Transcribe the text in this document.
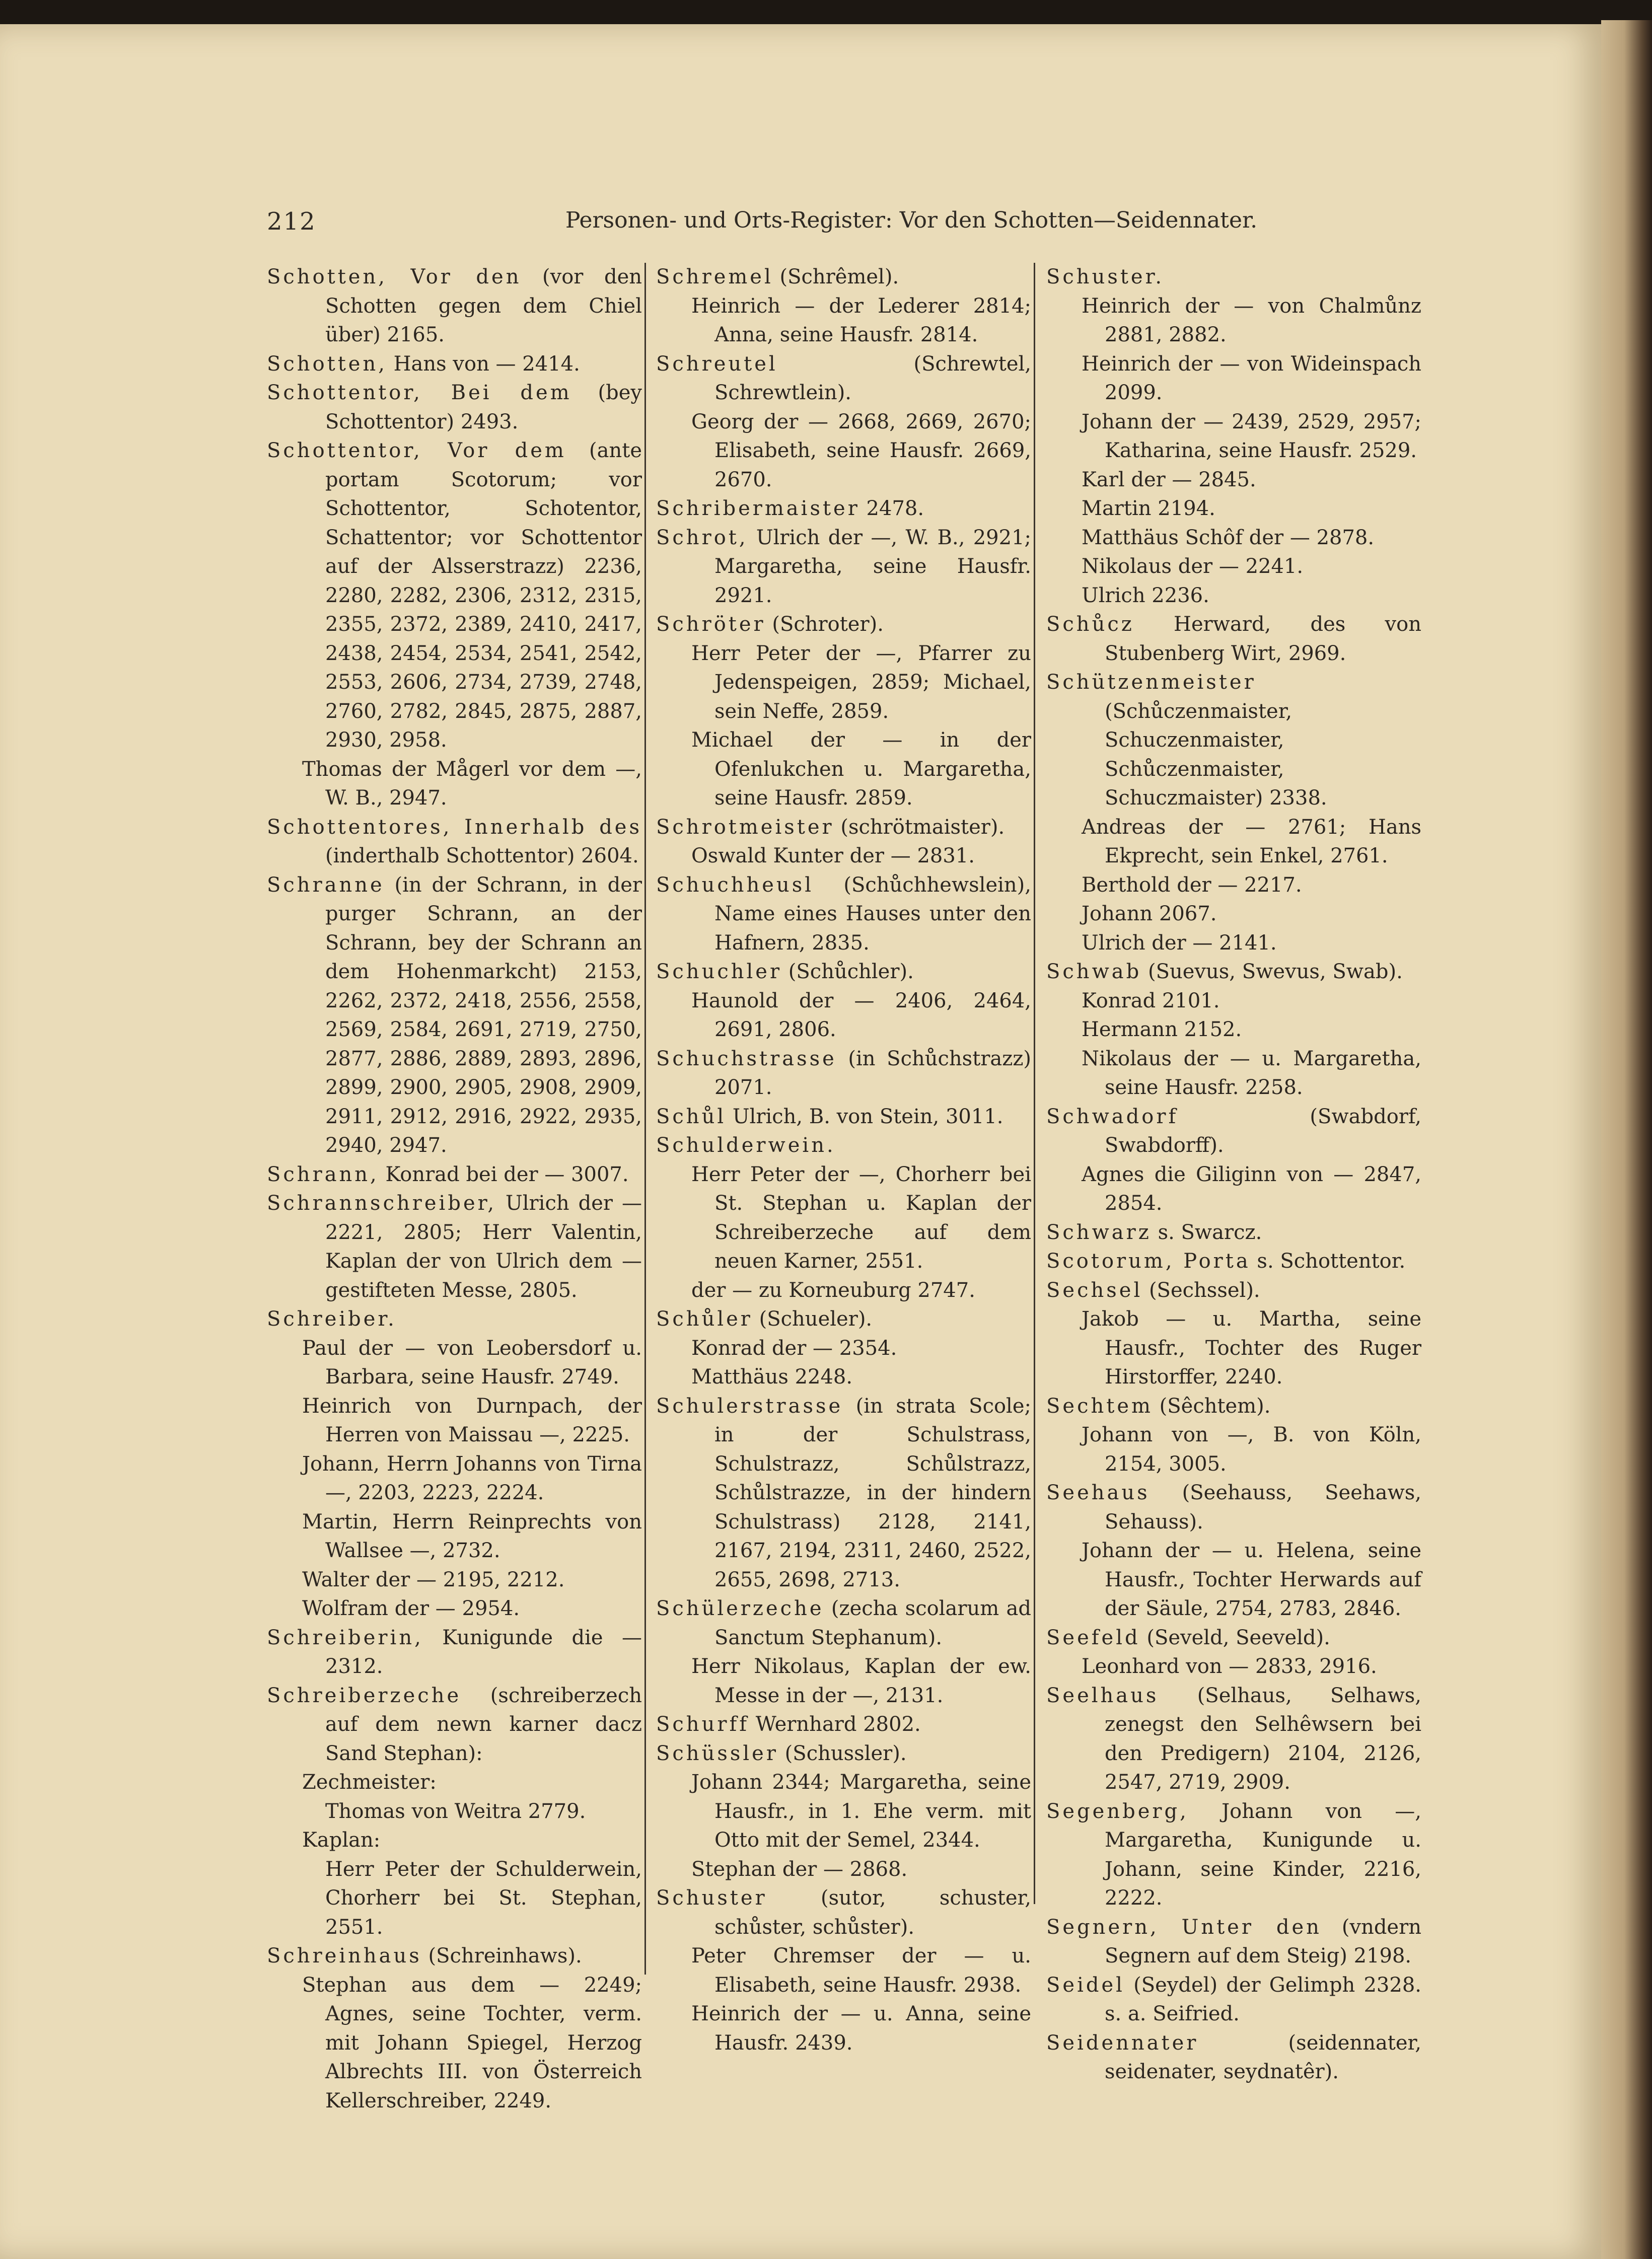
212	Personen- und Orts-Register: Vor den Schotten—Seidennater.
Schotten, Vor den (vor den Schotten gegen dem Chiel über) 2165.
Schotten, Hans von — 2414.
Schottentor, Bei dem (bey Schottentor) 2493.
Schottentor, Vor dem (ante portam Scotorum; vor Schottentor, Schotentor, Schattentor; vor Schottentor auf der Alsserstrazz) 2236, 2280, 2282, 2306, 2312, 2315, 2355, 2372, 2389, 2410, 2417, 2438, 2454, 2534, 2541, 2542, 2553, 2606, 2734, 2739, 2748, 2760, 2782, 2845, 2875, 2887, 2930, 2958.
Thomas der Mågerl vor dem —, W. B., 2947.
Schottentores, Innerhalb des (inderthalb Schottentor) 2604.
Schranne (in der Schrann, in der purger Schrann, an der Schrann, bey der Schrann an dem Hohenmarkcht) 2153, 2262, 2372, 2418, 2556, 2558, 2569, 2584, 2691, 2719, 2750, 2877, 2886, 2889, 2893, 2896, 2899, 2900, 2905, 2908, 2909, 2911, 2912, 2916, 2922, 2935, 2940, 2947.
Schrann, Konrad bei der — 3007.
Schrannschreiber, Ulrich der — 2221, 2805; Herr Valentin, Kaplan der von Ulrich dem — gestifteten Messe, 2805.
Schreiber.
Paul der — von Leobersdorf u. Barbara, seine Hausfr. 2749.
Heinrich von Durnpach, der Herren von Maissau —, 2225.
Johann, Herrn Johanns von Tirna —, 2203, 2223, 2224.
Martin, Herrn Reinprechts von Wallsee —, 2732.
Walter der — 2195, 2212.
Wolfram der — 2954.
Schreiberin, Kunigunde die — 2312.
Schreiberzeche (schreiberzech auf dem newn karner dacz Sand Stephan):
Zechmeister:
Thomas von Weitra 2779.
Kaplan:
Herr Peter der Schulderwein, Chorherr bei St. Stephan, 2551.
Schreinhaus (Schreinhaws).
Stephan aus dem — 2249; Agnes, seine Tochter, verm. mit Johann Spiegel, Herzog Albrechts III. von Österreich Kellerschreiber, 2249.
Schremel (Schrêmel).
Heinrich — der Lederer 2814; Anna, seine Hausfr. 2814.
Schreutel (Schrewtel, Schrewtlein).
Georg der — 2668, 2669, 2670; Elisabeth, seine Hausfr. 2669, 2670.
Schribermaister 2478.
Schrot, Ulrich der —, W. B., 2921; Margaretha, seine Hausfr. 2921.
Schröter (Schroter).
Herr Peter der —, Pfarrer zu Jedenspeigen, 2859; Michael, sein Neffe, 2859.
Michael der — in der Ofenlukchen u. Margaretha, seine Hausfr. 2859.
Schrotmeister (schrötmaister).
Oswald Kunter der — 2831.
Schuchheusl (Schůchhewslein), Name eines Hauses unter den Hafnern, 2835.
Schuchler (Schůchler).
Haunold der — 2406, 2464, 2691, 2806.
Schuchstrasse (in Schůchstrazz) 2071.
Schůl Ulrich, B. von Stein, 3011.
Schulderwein.
Herr Peter der —, Chorherr bei St. Stephan u. Kaplan der Schreiberzeche auf dem neuen Karner, 2551.
der — zu Korneuburg 2747.
Schůler (Schueler).
Konrad der — 2354.
Matthäus 2248.
Schulerstrasse (in strata Scole; in der Schulstrass, Schulstrazz, Schůlstrazz, Schůlstrazze, in der hindern Schulstrass) 2128, 2141, 2167, 2194, 2311, 2460, 2522, 2655, 2698, 2713.
Schülerzeche (zecha scolarum ad Sanctum Stephanum).
Herr Nikolaus, Kaplan der ew. Messe in der —, 2131.
Schurff Wernhard 2802.
Schüssler (Schussler).
Johann 2344; Margaretha, seine Hausfr., in 1. Ehe verm. mit Otto mit der Semel, 2344.
Stephan der — 2868.
Schuster (sutor, schuster, schůster, schůster).
Peter Chremser der — u. Elisabeth, seine Hausfr. 2938.
Heinrich der — u. Anna, seine Hausfr. 2439.
Schuster.
Heinrich der — von Chalmůnz 2881, 2882.
Heinrich der — von Wideinspach 2099.
Johann der — 2439, 2529, 2957; Katharina, seine Hausfr. 2529.
Karl der — 2845.
Martin 2194.
Matthäus Schôf der — 2878.
Nikolaus der — 2241.
Ulrich 2236.
Schůcz Herward, des von Stubenberg Wirt, 2969.
Schützenmeister (Schůczenmaister, Schuczenmaister, Schůczenmaister, Schuczmaister) 2338.
Andreas der — 2761; Hans Ekprecht, sein Enkel, 2761.
Berthold der — 2217.
Johann 2067.
Ulrich der — 2141.
Schwab (Suevus, Swevus, Swab).
Konrad 2101.
Hermann 2152.
Nikolaus der — u. Margaretha, seine Hausfr. 2258.
Schwadorf (Swabdorf, Swabdorff).
Agnes die Giliginn von — 2847, 2854.
Schwarz s. Swarcz.
Scotorum, Porta s. Schottentor.
Sechsel (Sechssel).
Jakob — u. Martha, seine Hausfr., Tochter des Ruger Hirstorffer, 2240.
Sechtem (Sêchtem).
Johann von —, B. von Köln, 2154, 3005.
Seehaus (Seehauss, Seehaws, Sehauss).
Johann der — u. Helena, seine Hausfr., Tochter Herwards auf der Säule, 2754, 2783, 2846.
Seefeld (Seveld, Seeveld).
Leonhard von — 2833, 2916.
Seelhaus (Selhaus, Selhaws, zenegst den Selhêwsern bei den Predigern) 2104, 2126, 2547, 2719, 2909.
Segenberg, Johann von —, Margaretha, Kunigunde u. Johann, seine Kinder, 2216, 2222.
Segnern, Unter den (vndern Segnern auf dem Steig) 2198.
Seidel (Seydel) der Gelimph 2328. s. a. Seifried.
Seidennater (seidennater, seidenater, seydnatêr).
